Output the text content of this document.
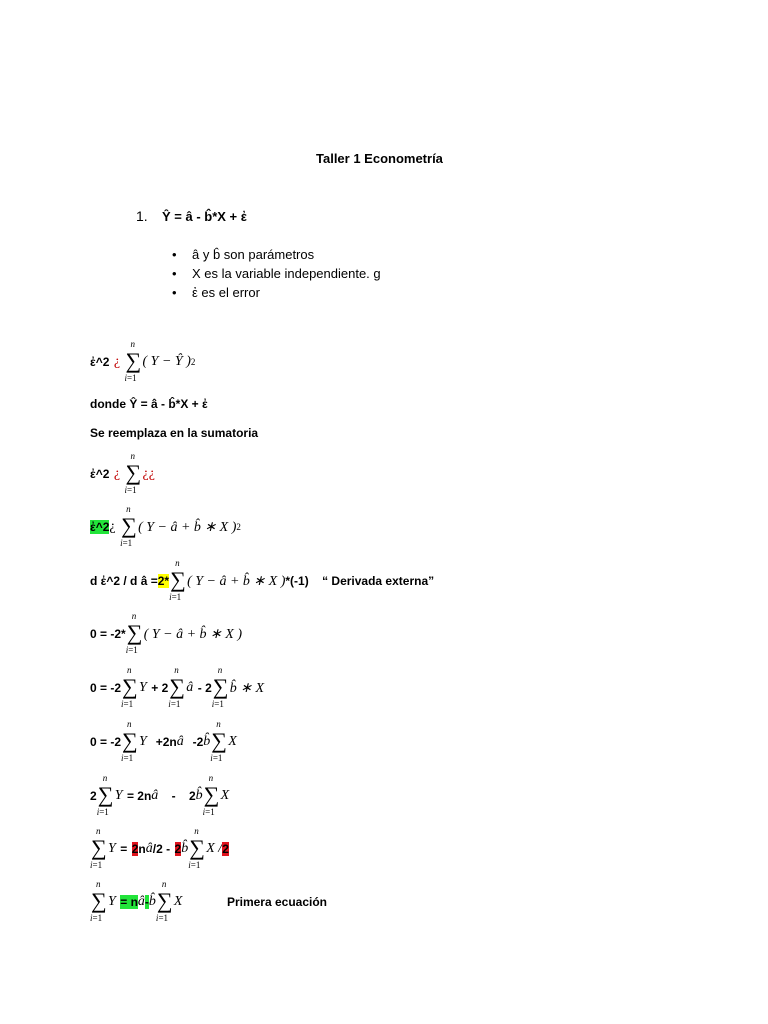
Taller 1 Econometría
1. Ŷ = â - b̂*X + ἐ
• â y b̂ son parámetros
• X es la variable independiente. g
• ἐ es el error
ἐ^2
¿

n
∑
i=1
( Y − Ŷ ) 2
donde Ŷ = â - b̂*X + ἐ
Se reemplaza en la sumatoria
ἐ^2
¿

n
∑
i=1
¿¿
ἐ^2 ¿

n
∑
i=1
( Y − â + b̂ ∗ X ) 2
d ἐ^2 / d â = 2*
n
∑
i=1
( Y − â + b̂ ∗ X ) *(-1)
“ Derivada externa”
0 = -2*
n
∑
i=1
( Y − â + b̂ ∗ X )
0 = -2
n
∑
i=1
Y
+ 2
n
∑
i=1
â
- 2
n
∑
i=1
b̂ ∗ X
0 = -2
n
∑
i=1
Y
+2n â
-2 b̂
n
∑
i=1
X
2
n
∑
i=1
Y
= 2n â
-    2 b̂
n
∑
i=1
X
n
∑
i=1
Y
=
2 n â /2 -
2 b̂
n
∑
i=1
X / 2
n
∑
i=1
Y
= n â - b̂
n
∑
i=1
X
	Primera ecuación
